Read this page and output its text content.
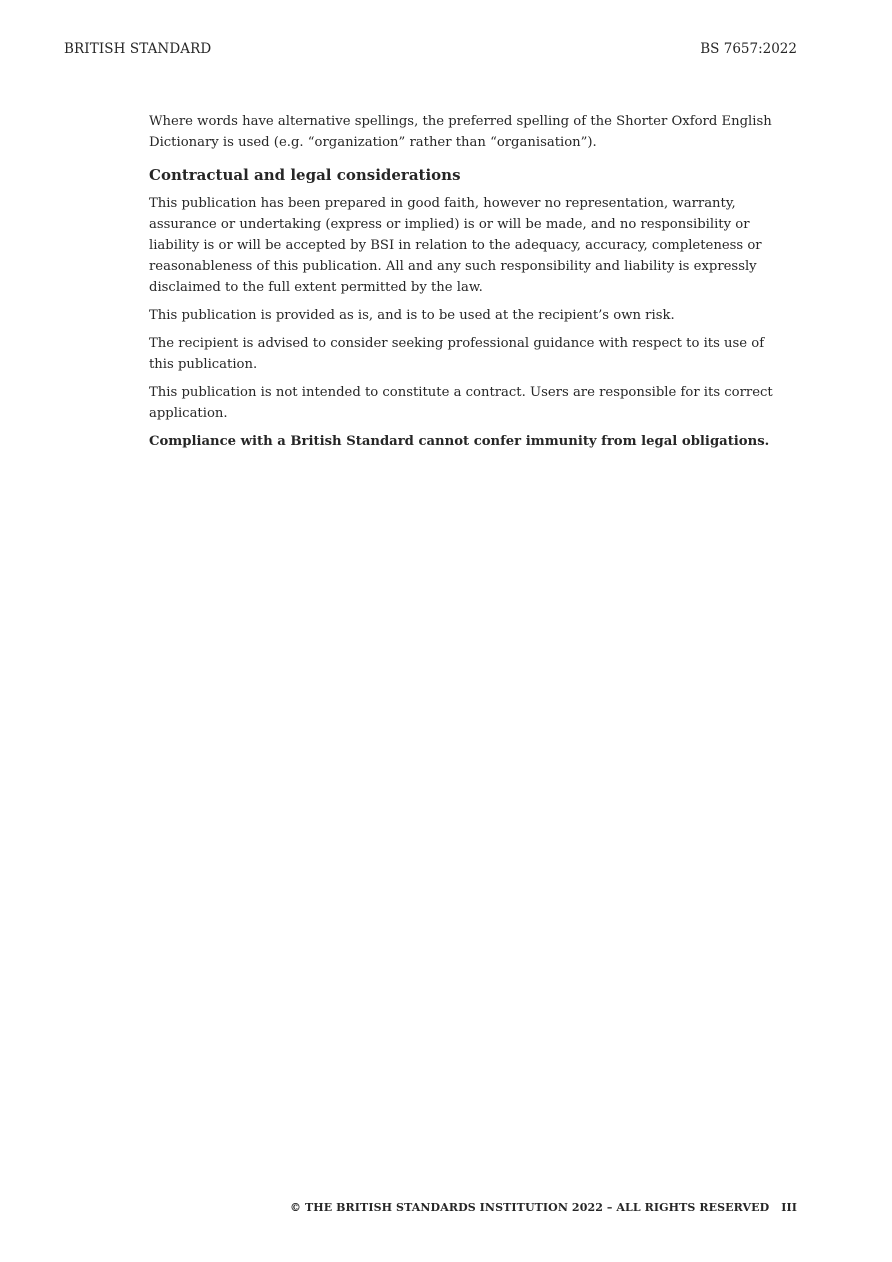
BRITISH STANDARD	BS 7657:2022

Where words have alternative spellings, the preferred spelling of the Shorter Oxford English Dictionary is used (e.g. “organization” rather than “organisation”).

Contractual and legal considerations

This publication has been prepared in good faith, however no representation, warranty, assurance or undertaking (express or implied) is or will be made, and no responsibility or liability is or will be accepted by BSI in relation to the adequacy, accuracy, completeness or reasonableness of this publication. All and any such responsibility and liability is expressly disclaimed to the full extent permitted by the law.

This publication is provided as is, and is to be used at the recipient’s own risk.

The recipient is advised to consider seeking professional guidance with respect to its use of this publication.

This publication is not intended to constitute a contract. Users are responsible for its correct application.

Compliance with a British Standard cannot confer immunity from legal obligations.

© THE BRITISH STANDARDS INSTITUTION 2022 – ALL RIGHTS RESERVED III
